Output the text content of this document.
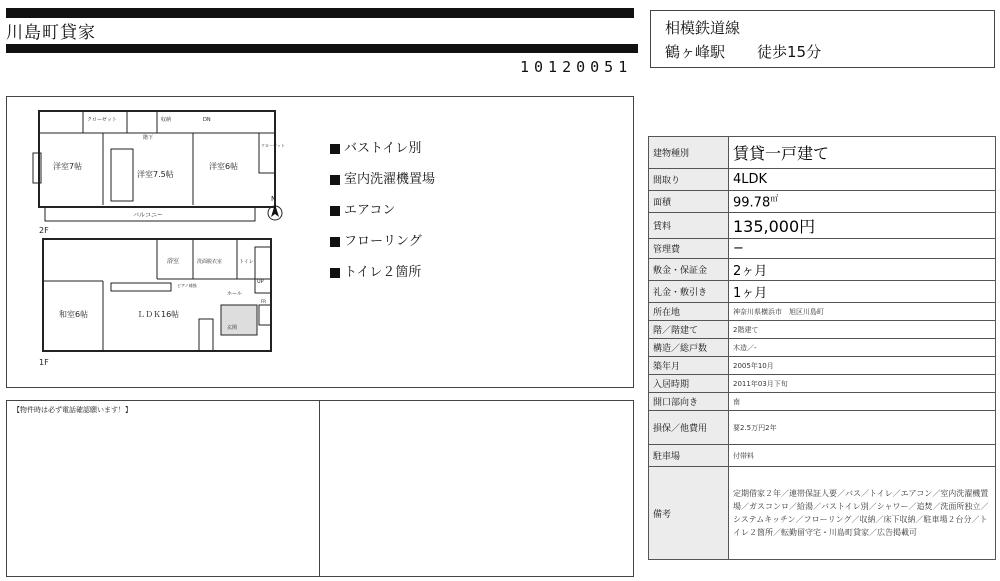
川島町貸家
10120051
相模鉄道線
鶴ヶ峰駅 徒歩15分
クローゼット	収納
階下
DN
洋室7帖
洋室7.5帖
洋室6帖
クローゼット
バルコニー
2F
浴室	洗面脱衣室	トイレ
UP
ピアノ補強
ホール
FR
玄関
和室6帖	ＬＤＫ16帖
1F
N
バストイレ別
室内洗濯機置場
エアコン
フローリング
トイレ２箇所
【物件時は必ず電話確認願います！】
建物種別	賃貸一戸建て
間取り	4LDK
面積	99.78㎡
賃料	135,000円
管理費	−
敷金・保証金	2ヶ月
礼金・敷引き	1ヶ月
所在地	神奈川県横浜市　旭区川島町
階／階建て	2階建て
構造／総戸数	木造／-
築年月	2005年10月
入居時期	2011年03月下旬
開口部向き	南
損保／他費用	要2.5万円2年
駐車場	付帯料
備考	定期借家２年／連帯保証人要／バス／トイレ／エアコン／室内洗濯機置場／ガスコンロ／給湯／バストイレ別／シャワー／追焚／洗面所独立／システムキッチン／フローリング／収納／床下収納／駐車場２台分／トイレ２箇所／転勤留守宅・川島町貸家／広告掲載可
